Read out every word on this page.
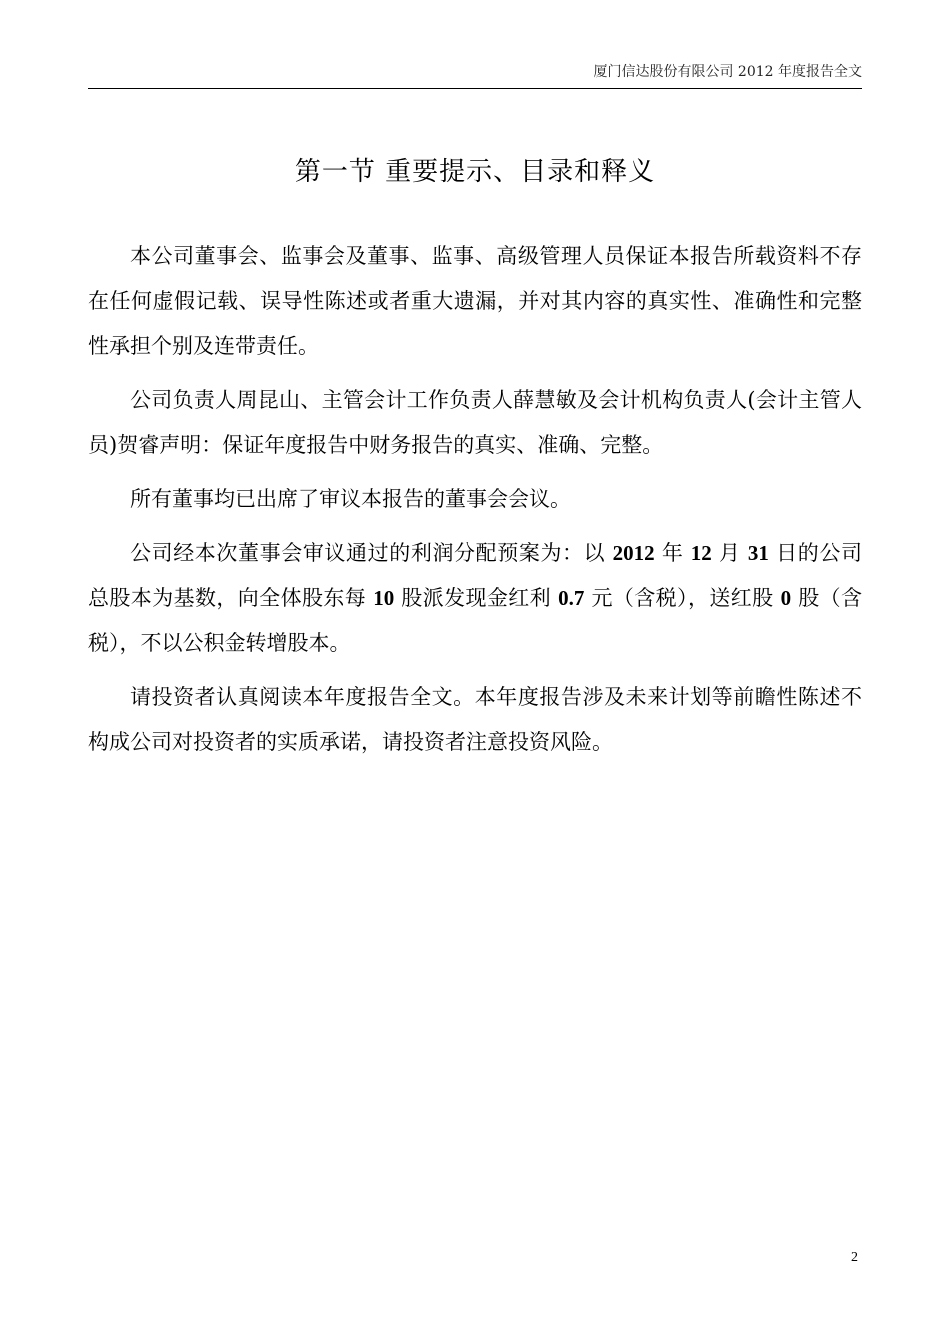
厦门信达股份有限公司 2012 年度报告全文
第一节 重要提示、目录和释义

本公司董事会、监事会及董事、监事、高级管理人员保证本报告所载资料不存在任何虚假记载、误导性陈述或者重大遗漏，并对其内容的真实性、准确性和完整性承担个别及连带责任。

公司负责人周昆山、主管会计工作负责人薛慧敏及会计机构负责人(会计主管人员)贺睿声明：保证年度报告中财务报告的真实、准确、完整。

所有董事均已出席了审议本报告的董事会会议。

公司经本次董事会审议通过的利润分配预案为：以 2012 年 12 月 31 日的公司总股本为基数，向全体股东每 10 股派发现金红利 0.7 元（含税），送红股 0 股（含税），不以公积金转增股本。

请投资者认真阅读本年度报告全文。本年度报告涉及未来计划等前瞻性陈述不构成公司对投资者的实质承诺，请投资者注意投资风险。

2
